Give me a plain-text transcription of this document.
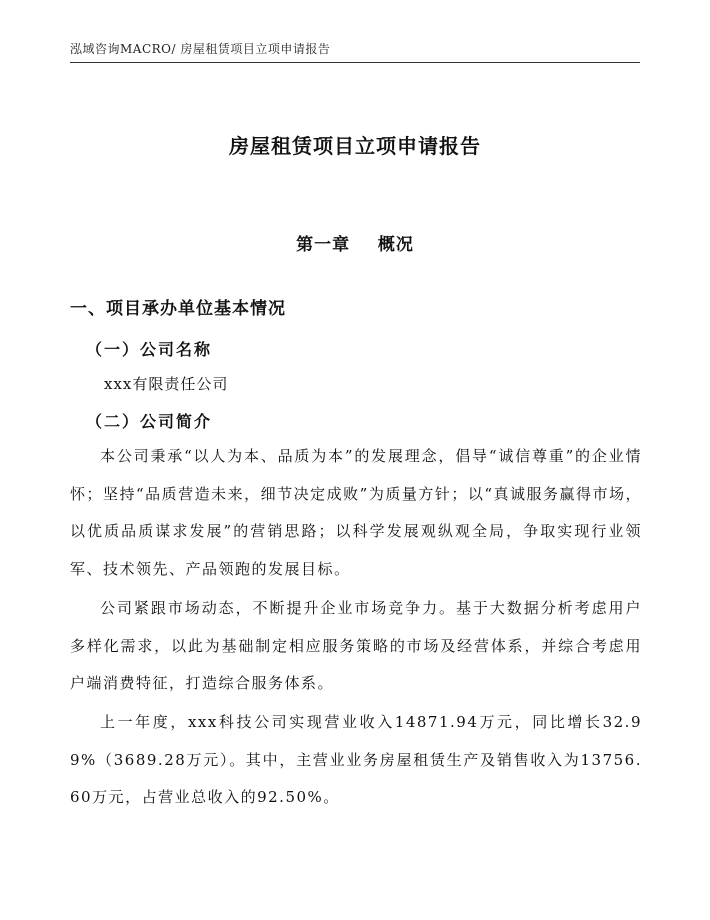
泓域咨询MACRO/ 房屋租赁项目立项申请报告
房屋租赁项目立项申请报告
第一章    概况
一、项目承办单位基本情况
（一）公司名称
xxx有限责任公司
（二）公司简介
本公司秉承“以人为本、品质为本”的发展理念，倡导“诚信尊重”的企业情怀；坚持“品质营造未来，细节决定成败”为质量方针；以“真诚服务赢得市场，以优质品质谋求发展”的营销思路；以科学发展观纵观全局，争取实现行业领军、技术领先、产品领跑的发展目标。
公司紧跟市场动态，不断提升企业市场竞争力。基于大数据分析考虑用户多样化需求，以此为基础制定相应服务策略的市场及经营体系，并综合考虑用户端消费特征，打造综合服务体系。
上一年度，xxx科技公司实现营业收入14871.94万元，同比增长32.99%（3689.28万元）。其中，主营业业务房屋租赁生产及销售收入为13756.60万元，占营业总收入的92.50%。
